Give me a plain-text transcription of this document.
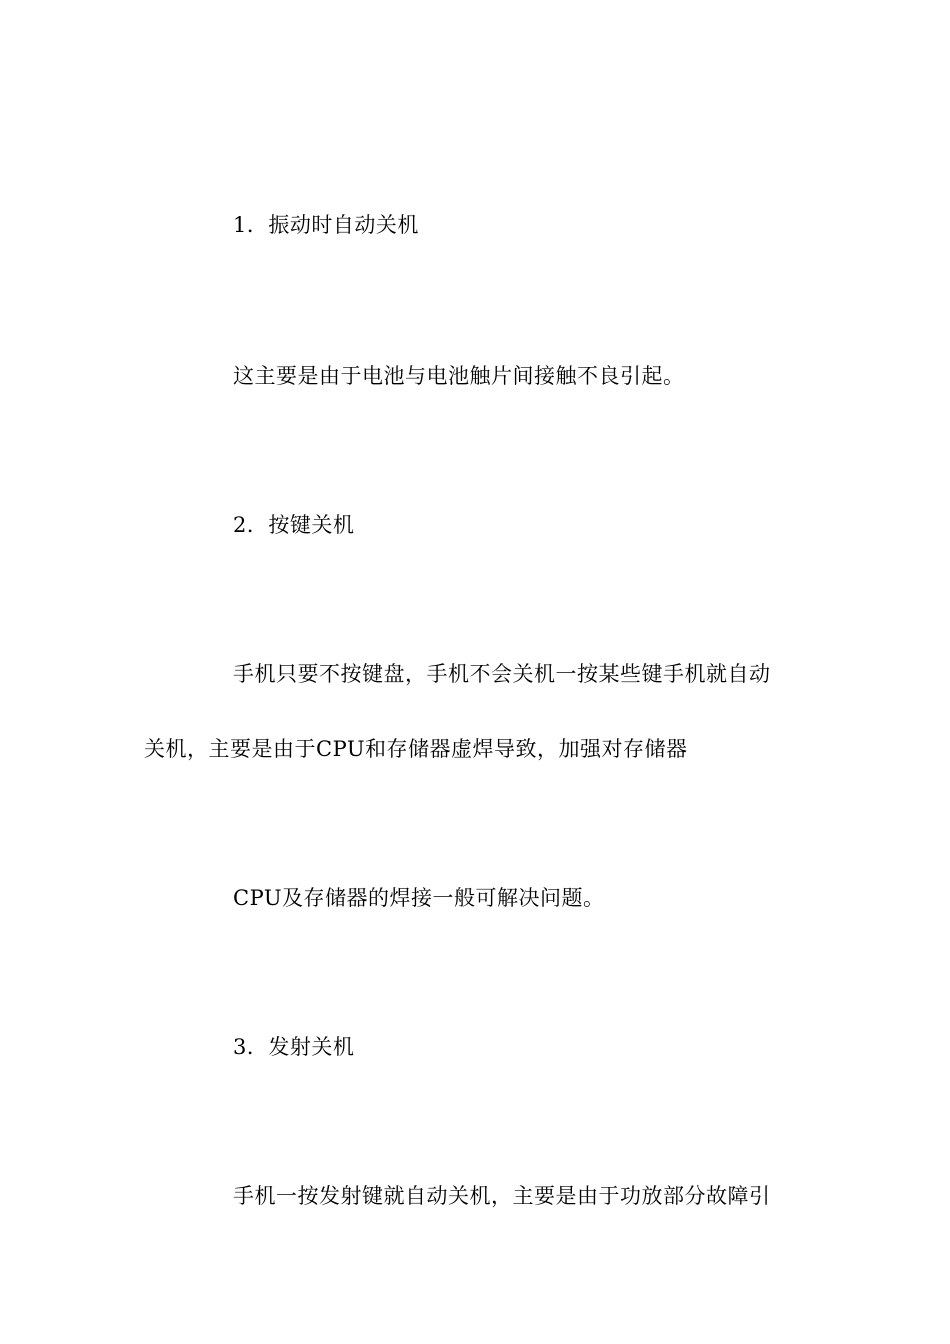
1．振动时自动关机
这主要是由于电池与电池触片间接触不良引起。
2．按键关机
手机只要不按键盘，手机不会关机一按某些键手机就自动
关机，主要是由于CPU和存储器虚焊导致，加强对存储器
CPU及存储器的焊接一般可解决问题。
3．发射关机
手机一按发射键就自动关机，主要是由于功放部分故障引
